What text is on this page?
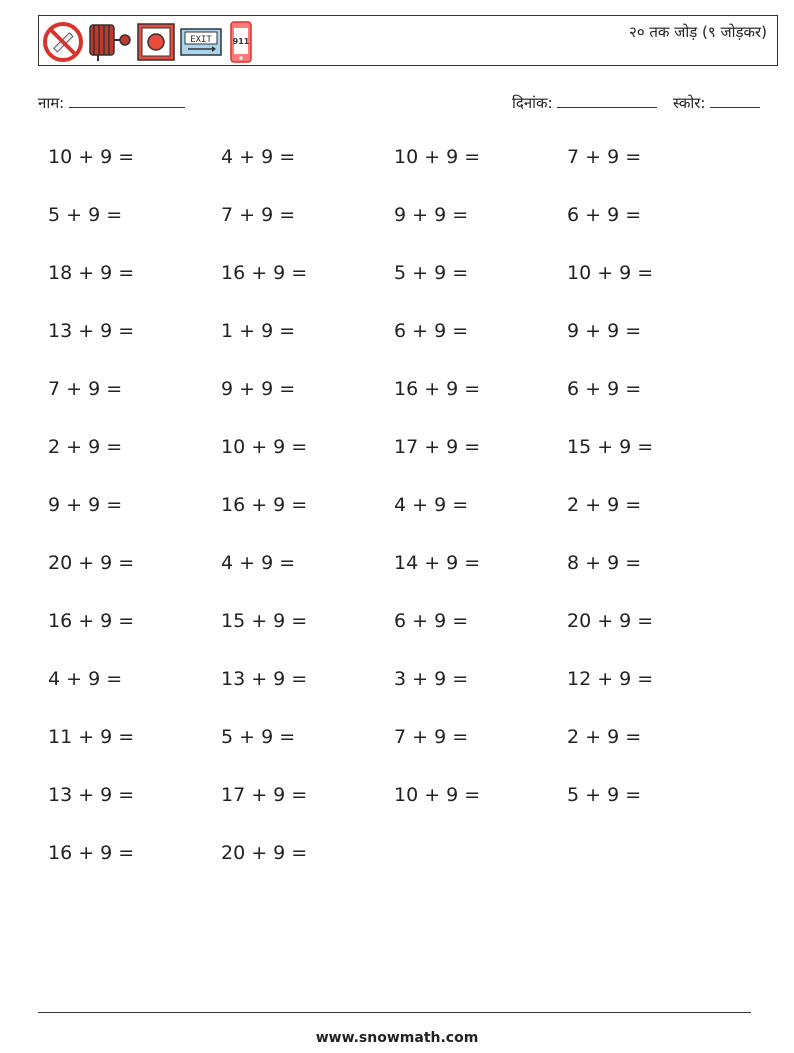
EXIT	911
२० तक जोड़ (९ जोड़कर)
नाम:	दिनांक:	स्कोर:
10 + 9 =	4 + 9 =	10 + 9 =	7 + 9 =
5 + 9 =	7 + 9 =	9 + 9 =	6 + 9 =
18 + 9 =	16 + 9 =	5 + 9 =	10 + 9 =
13 + 9 =	1 + 9 =	6 + 9 =	9 + 9 =
7 + 9 =	9 + 9 =	16 + 9 =	6 + 9 =
2 + 9 =	10 + 9 =	17 + 9 =	15 + 9 =
9 + 9 =	16 + 9 =	4 + 9 =	2 + 9 =
20 + 9 =	4 + 9 =	14 + 9 =	8 + 9 =
16 + 9 =	15 + 9 =	6 + 9 =	20 + 9 =
4 + 9 =	13 + 9 =	3 + 9 =	12 + 9 =
11 + 9 =	5 + 9 =	7 + 9 =	2 + 9 =
13 + 9 =	17 + 9 =	10 + 9 =	5 + 9 =
16 + 9 =	20 + 9 =
www.snowmath.com
